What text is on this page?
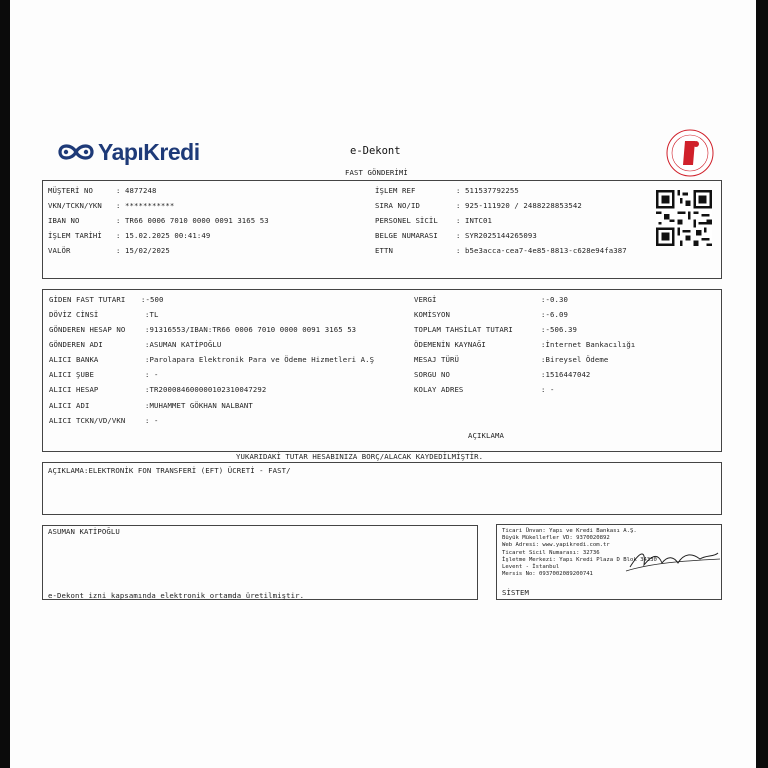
YapıKredi	e-Dekont
FAST GÖNDERİMİ
MÜŞTERİ NO	: 4877248
VKN/TCKN/YKN : ***********
IBAN NO	: TR66 0006 7010 0000 0091 3165 53
İŞLEM TARİHİ : 15.02.2025 00:41:49
VALÖR	: 15/02/2025
İŞLEM REF	: 511537792255
SIRA NO/ID	: 925-111920 / 2488228853542
PERSONEL SİCİL : INTC01
BELGE NUMARASI : SYR2025144265093
ETTN	: b5e3acca-cea7-4e85-8813-c628e94fa387
GİDEN FAST TUTARI :-500
DÖVİZ CİNSİ	:TL
GÖNDEREN HESAP NO	:91316553/IBAN:TR66 0006 7010 0000 0091 3165 53
GÖNDEREN ADI	:ASUMAN KATİPOĞLU
ALICI BANKA	:Parolapara Elektronik Para ve Ödeme Hizmetleri A.Ş
ALICI ŞUBE	: -
ALICI HESAP	:TR200084600000102310047292
ALICI ADI	:MUHAMMET GÖKHAN NALBANT
ALICI TCKN/VD/VKN	: -
VERGİ	:-0.30
KOMİSYON	:-6.09
TOPLAM TAHSİLAT TUTARI	:-506.39
ÖDEMENİN KAYNAĞI	:İnternet Bankacılığı
MESAJ TÜRÜ	:Bireysel Ödeme
SORGU NO	:1516447042
KOLAY ADRES	: -
AÇIKLAMA
YUKARIDAKİ TUTAR HESABINIZA BORÇ/ALACAK KAYDEDİLMİŞTİR.
AÇIKLAMA:ELEKTRONİK FON TRANSFERİ (EFT) ÜCRETİ - FAST/
ASUMAN KATİPOĞLU
e-Dekont izni kapsamında elektronik ortamda üretilmiştir.
Ticari Ünvan: Yapı ve Kredi Bankası A.Ş.
Büyük Mükellefler VD: 9370020892
Web Adresi: www.yapikredi.com.tr
Ticaret Sicil Numarası: 32736
İşletme Merkezi: Yapı Kredi Plaza D Blok 34330
Levent - İstanbul
Mersis No: 0937002089200741
SİSTEM
